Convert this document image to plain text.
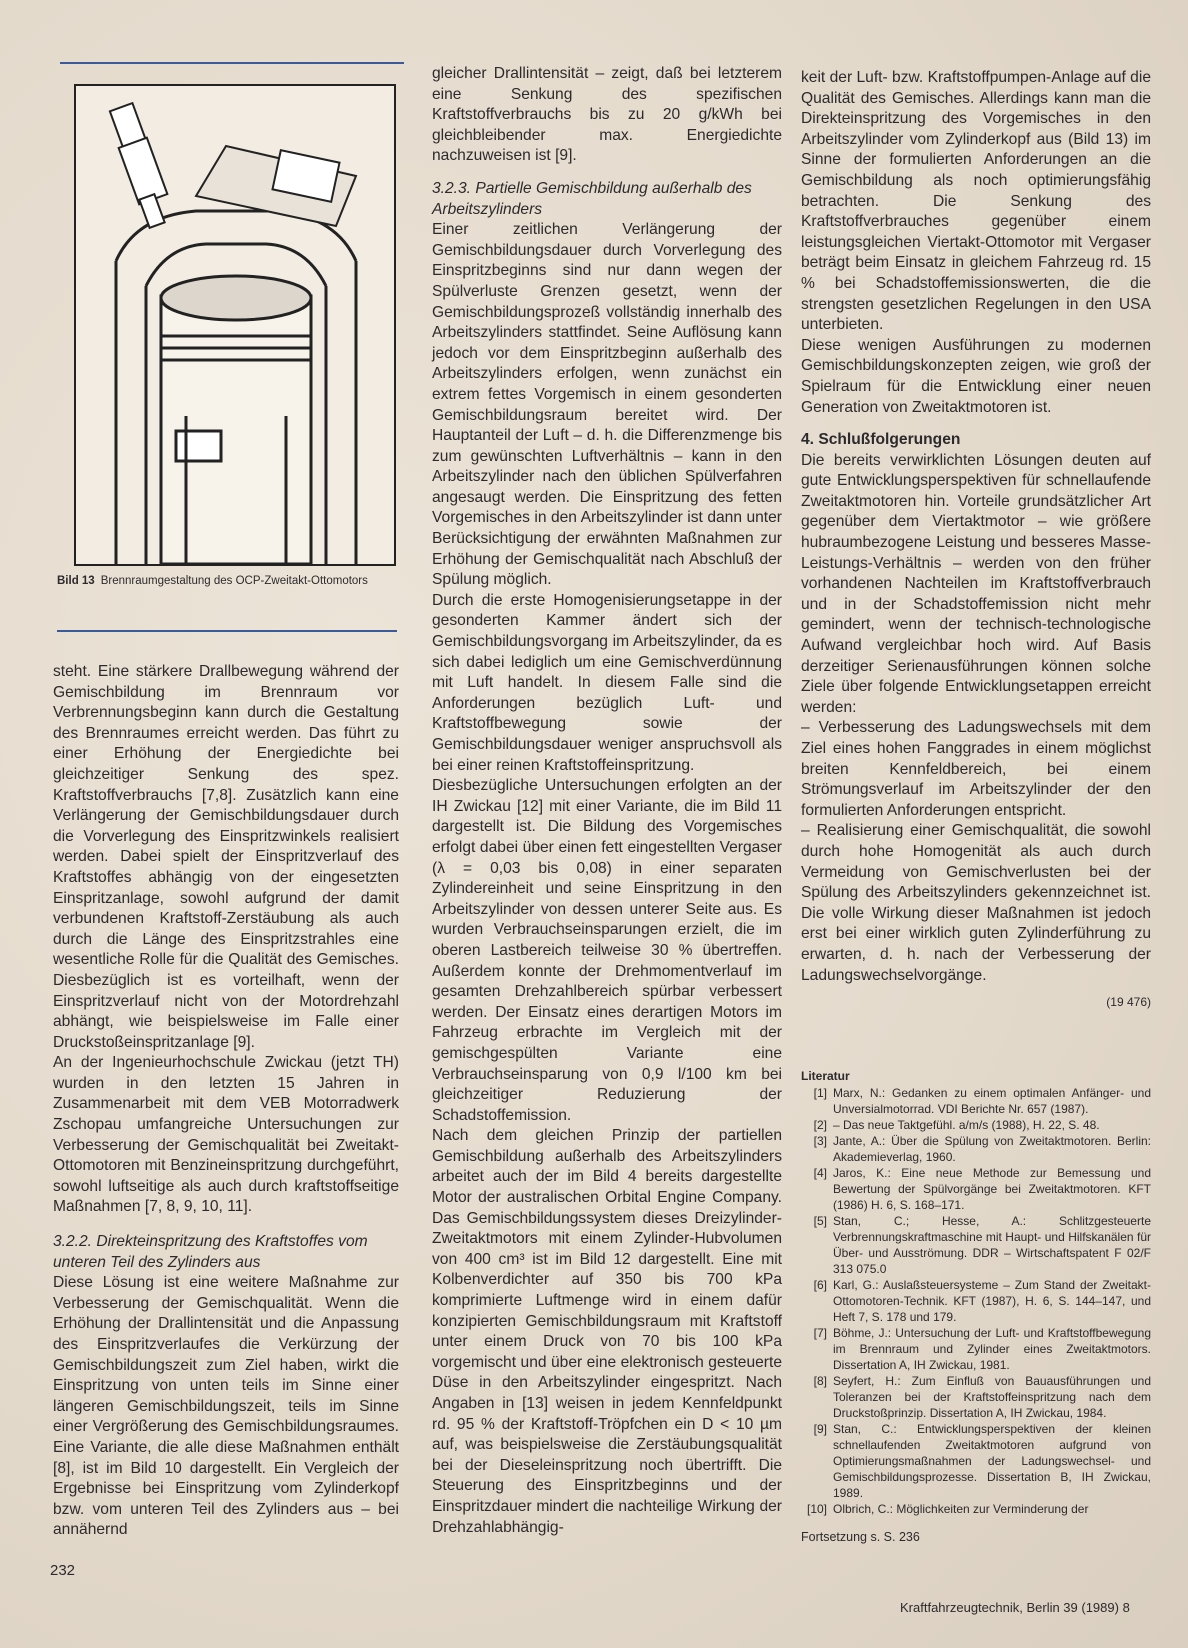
Bild 13 Brennraumgestaltung des OCP-Zweitakt-Ottomotors

steht. Eine stärkere Drallbewegung während der Gemischbildung im Brennraum vor Verbrennungsbeginn kann durch die Gestaltung des Brennraumes erreicht werden. Das führt zu einer Erhöhung der Energiedichte bei gleichzeitiger Senkung des spez. Kraftstoffverbrauchs [7,8]. Zusätzlich kann eine Verlängerung der Gemischbildungsdauer durch die Vorverlegung des Einspritzwinkels realisiert werden. Dabei spielt der Einspritzverlauf des Kraftstoffes abhängig von der eingesetzten Einspritzanlage, sowohl aufgrund der damit verbundenen Kraftstoff-Zerstäubung als auch durch die Länge des Einspritzstrahles eine wesentliche Rolle für die Qualität des Gemisches. Diesbezüglich ist es vorteilhaft, wenn der Einspritzverlauf nicht von der Motordrehzahl abhängt, wie beispielsweise im Falle einer Druckstoßeinspritzanlage [9].

An der Ingenieurhochschule Zwickau (jetzt TH) wurden in den letzten 15 Jahren in Zusammenarbeit mit dem VEB Motorradwerk Zschopau umfangreiche Untersuchungen zur Verbesserung der Gemischqualität bei Zweitakt-Ottomotoren mit Benzineinspritzung durchgeführt, sowohl luftseitige als auch durch kraftstoffseitige Maßnahmen [7, 8, 9, 10, 11].

3.2.2. Direkteinspritzung des Kraftstoffes vom unteren Teil des Zylinders aus

Diese Lösung ist eine weitere Maßnahme zur Verbesserung der Gemischqualität. Wenn die Erhöhung der Drallintensität und die Anpassung des Einspritzverlaufes die Verkürzung der Gemischbildungszeit zum Ziel haben, wirkt die Einspritzung von unten teils im Sinne einer längeren Gemischbildungszeit, teils im Sinne einer Vergrößerung des Gemischbildungsraumes. Eine Variante, die alle diese Maßnahmen enthält [8], ist im Bild 10 dargestellt. Ein Vergleich der Ergebnisse bei Einspritzung vom Zylinderkopf bzw. vom unteren Teil des Zylinders aus – bei annähernd

gleicher Drallintensität – zeigt, daß bei letzterem eine Senkung des spezifischen Kraftstoffverbrauchs bis zu 20 g/kWh bei gleichbleibender max. Energiedichte nachzuweisen ist [9].

3.2.3. Partielle Gemischbildung außerhalb des Arbeitszylinders

Einer zeitlichen Verlängerung der Gemischbildungsdauer durch Vorverlegung des Einspritzbeginns sind nur dann wegen der Spülverluste Grenzen gesetzt, wenn der Gemischbildungsprozeß vollständig innerhalb des Arbeitszylinders stattfindet. Seine Auflösung kann jedoch vor dem Einspritzbeginn außerhalb des Arbeitszylinders erfolgen, wenn zunächst ein extrem fettes Vorgemisch in einem gesonderten Gemischbildungsraum bereitet wird. Der Hauptanteil der Luft – d. h. die Differenzmenge bis zum gewünschten Luftverhältnis – kann in den Arbeitszylinder nach den üblichen Spülverfahren angesaugt werden. Die Einspritzung des fetten Vorgemisches in den Arbeitszylinder ist dann unter Berücksichtigung der erwähnten Maßnahmen zur Erhöhung der Gemischqualität nach Abschluß der Spülung möglich.

Durch die erste Homogenisierungsetappe in der gesonderten Kammer ändert sich der Gemischbildungsvorgang im Arbeitszylinder, da es sich dabei lediglich um eine Gemischverdünnung mit Luft handelt. In diesem Falle sind die Anforderungen bezüglich Luft- und Kraftstoffbewegung sowie der Gemischbildungsdauer weniger anspruchsvoll als bei einer reinen Kraftstoffeinspritzung.

Diesbezügliche Untersuchungen erfolgten an der IH Zwickau [12] mit einer Variante, die im Bild 11 dargestellt ist. Die Bildung des Vorgemisches erfolgt dabei über einen fett eingestellten Vergaser (λ = 0,03 bis 0,08) in einer separaten Zylindereinheit und seine Einspritzung in den Arbeitszylinder von dessen unterer Seite aus. Es wurden Verbrauchseinsparungen erzielt, die im oberen Lastbereich teilweise 30 % übertreffen. Außerdem konnte der Drehmomentverlauf im gesamten Drehzahlbereich spürbar verbessert werden. Der Einsatz eines derartigen Motors im Fahrzeug erbrachte im Vergleich mit der gemischgespülten Variante eine Verbrauchseinsparung von 0,9 l/100 km bei gleichzeitiger Reduzierung der Schadstoffemission.

Nach dem gleichen Prinzip der partiellen Gemischbildung außerhalb des Arbeitszylinders arbeitet auch der im Bild 4 bereits dargestellte Motor der australischen Orbital Engine Company. Das Gemischbildungssystem dieses Dreizylinder-Zweitaktmotors mit einem Zylinder-Hubvolumen von 400 cm³ ist im Bild 12 dargestellt. Eine mit Kolbenverdichter auf 350 bis 700 kPa komprimierte Luftmenge wird in einem dafür konzipierten Gemischbildungsraum mit Kraftstoff unter einem Druck von 70 bis 100 kPa vorgemischt und über eine elektronisch gesteuerte Düse in den Arbeitszylinder eingespritzt. Nach Angaben in [13] weisen in jedem Kennfeldpunkt rd. 95 % der Kraftstoff-Tröpfchen ein D < 10 µm auf, was beispielsweise die Zerstäubungsqualität bei der Dieseleinspritzung noch übertrifft. Die Steuerung des Einspritzbeginns und der Einspritzdauer mindert die nachteilige Wirkung der Drehzahlabhängig-

keit der Luft- bzw. Kraftstoffpumpen-Anlage auf die Qualität des Gemisches. Allerdings kann man die Direkteinspritzung des Vorgemisches in den Arbeitszylinder vom Zylinderkopf aus (Bild 13) im Sinne der formulierten Anforderungen an die Gemischbildung als noch optimierungsfähig betrachten. Die Senkung des Kraftstoffverbrauches gegenüber einem leistungsgleichen Viertakt-Ottomotor mit Vergaser beträgt beim Einsatz in gleichem Fahrzeug rd. 15 % bei Schadstoffemissionswerten, die die strengsten gesetzlichen Regelungen in den USA unterbieten.

Diese wenigen Ausführungen zu modernen Gemischbildungskonzepten zeigen, wie groß der Spielraum für die Entwicklung einer neuen Generation von Zweitaktmotoren ist.

4. Schlußfolgerungen

Die bereits verwirklichten Lösungen deuten auf gute Entwicklungsperspektiven für schnellaufende Zweitaktmotoren hin. Vorteile grundsätzlicher Art gegenüber dem Viertaktmotor – wie größere hubraumbezogene Leistung und besseres Masse-Leistungs-Verhältnis – werden von den früher vorhandenen Nachteilen im Kraftstoffverbrauch und in der Schadstoffemission nicht mehr gemindert, wenn der technisch-technologische Aufwand vergleichbar hoch wird. Auf Basis derzeitiger Serienausführungen können solche Ziele über folgende Entwicklungsetappen erreicht werden:

– Verbesserung des Ladungswechsels mit dem Ziel eines hohen Fanggrades in einem möglichst breiten Kennfeldbereich, bei einem Strömungsverlauf im Arbeitszylinder der den formulierten Anforderungen entspricht.

– Realisierung einer Gemischqualität, die sowohl durch hohe Homogenität als auch durch Vermeidung von Gemischverlusten bei der Spülung des Arbeitszylinders gekennzeichnet ist. Die volle Wirkung dieser Maßnahmen ist jedoch erst bei einer wirklich guten Zylinderführung zu erwarten, d. h. nach der Verbesserung der Ladungswechselvorgänge.

(19 476)

Literatur
[1] Marx, N.: Gedanken zu einem optimalen Anfänger- und Unversialmotorrad. VDI Berichte Nr. 657 (1987).
[2] – Das neue Taktgefühl. a/m/s (1988), H. 22, S. 48.
[3] Jante, A.: Über die Spülung von Zweitaktmotoren. Berlin: Akademieverlag, 1960.
[4] Jaros, K.: Eine neue Methode zur Bemessung und Bewertung der Spülvorgänge bei Zweitaktmotoren. KFT (1986) H. 6, S. 168–171.
[5] Stan, C.; Hesse, A.: Schlitzgesteuerte Verbrennungskraftmaschine mit Haupt- und Hilfskanälen für Über- und Ausströmung. DDR – Wirtschaftspatent F 02/F 313 075.0
[6] Karl, G.: Auslaßsteuersysteme – Zum Stand der Zweitakt-Ottomotoren-Technik. KFT (1987), H. 6, S. 144–147, und Heft 7, S. 178 und 179.
[7] Böhme, J.: Untersuchung der Luft- und Kraftstoffbewegung im Brennraum und Zylinder eines Zweitaktmotors. Dissertation A, IH Zwickau, 1981.
[8] Seyfert, H.: Zum Einfluß von Bauausführungen und Toleranzen bei der Kraftstoffeinspritzung nach dem Druckstoßprinzip. Dissertation A, IH Zwickau, 1984.
[9] Stan, C.: Entwicklungsperspektiven der kleinen schnellaufenden Zweitaktmotoren aufgrund von Optimierungsmaßnahmen der Ladungswechsel- und Gemischbildungsprozesse. Dissertation B, IH Zwickau, 1989.
[10] Olbrich, C.: Möglichkeiten zur Verminderung der
Fortsetzung s. S. 236
232
Kraftfahrzeugtechnik, Berlin 39 (1989) 8
